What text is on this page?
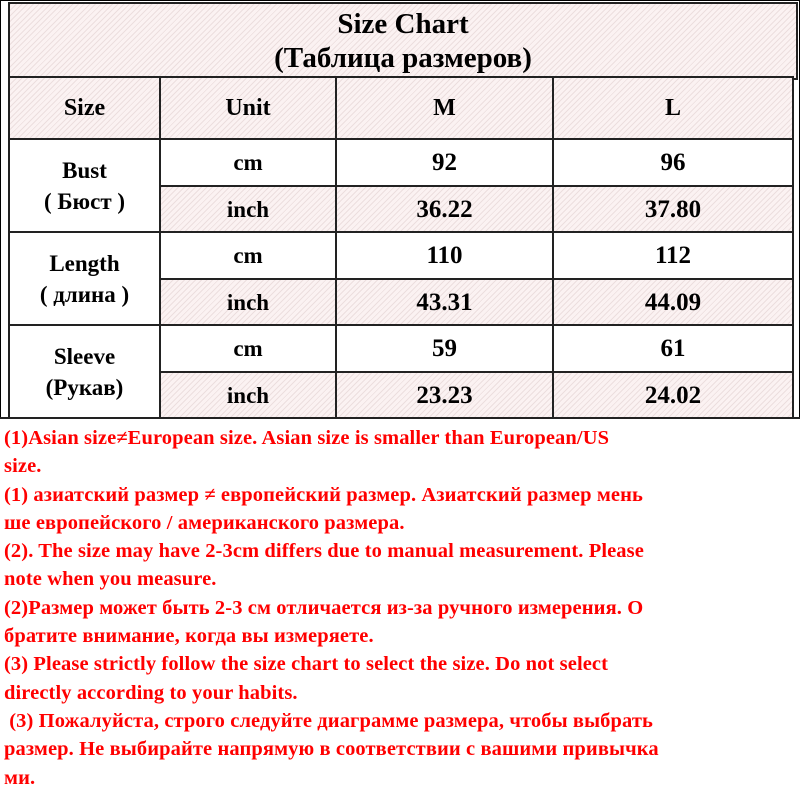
Size Chart
(Таблица размеров)
Size	Unit	M	L
Bust
( Бюст )
cm	92	96
inch	36.22	37.80
Length
( длина )
cm	110	112
inch	43.31	44.09
Sleeve
(Рукав)
cm	59	61
inch	23.23	24.02
(1)Asian size≠European size. Asian size is smaller than European/US
size.
(1) азиатский размер ≠ европейский размер. Азиатский размер мень
ше европейского / американского размера.
(2). The size may have 2-3cm differs due to manual measurement. Please
note when you measure.
(2)Размер может быть 2-3 см отличается из-за ручного измерения. О
братите внимание, когда вы измеряете.
(3) Please strictly follow the size chart to select the size. Do not select
directly according to your habits.
(3) Пожалуйста, строго следуйте диаграмме размера, чтобы выбрать
размер. Не выбирайте напрямую в соответствии с вашими привычка
ми.
